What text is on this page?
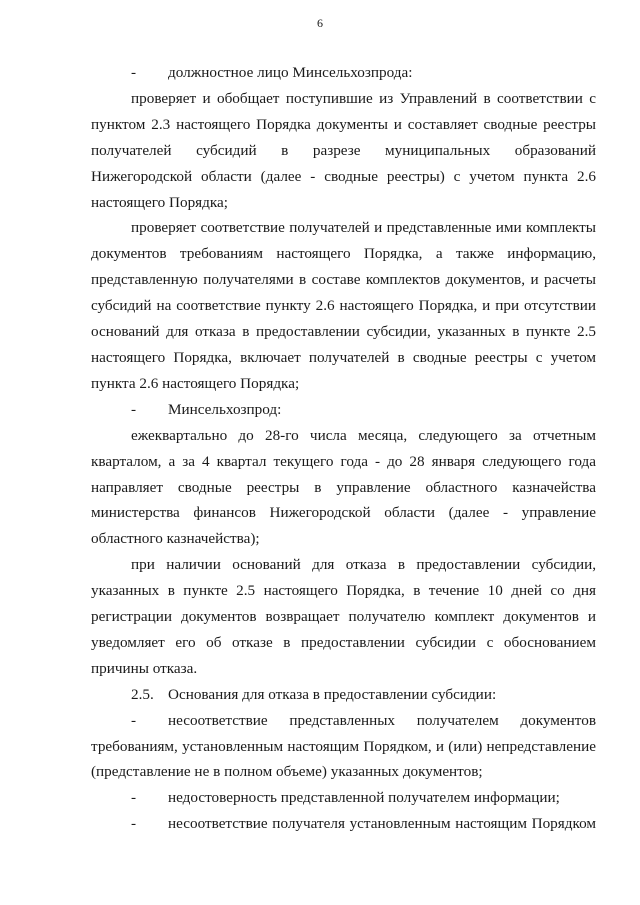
6
- должностное лицо Минсельхозпрода:
проверяет и обобщает поступившие из Управлений в соответствии с
пунктом 2.3 настоящего Порядка документы и составляет сводные реестры
получателей субсидий в разрезе муниципальных образований
Нижегородской области (далее - сводные реестры) с учетом пункта 2.6
настоящего Порядка;
проверяет соответствие получателей и представленные ими комплекты
документов требованиям настоящего Порядка, а также информацию,
представленную получателями в составе комплектов документов, и расчеты
субсидий на соответствие пункту 2.6 настоящего Порядка, и при отсутствии
оснований для отказа в предоставлении субсидии, указанных в пункте 2.5
настоящего Порядка, включает получателей в сводные реестры с учетом
пункта 2.6 настоящего Порядка;
- Минсельхозпрод:
ежеквартально до 28-го числа месяца, следующего за отчетным
кварталом, а за 4 квартал текущего года - до 28 января следующего года
направляет сводные реестры в управление областного казначейства
министерства финансов Нижегородской области (далее - управление
областного казначейства);
при наличии оснований для отказа в предоставлении субсидии,
указанных в пункте 2.5 настоящего Порядка, в течение 10 дней со дня
регистрации документов возвращает получателю комплект документов и
уведомляет его об отказе в предоставлении субсидии с обоснованием
причины отказа.
2.5. Основания для отказа в предоставлении субсидии:
- несоответствие представленных получателем документов
требованиям, установленным настоящим Порядком, и (или) непредставление
(представление не в полном объеме) указанных документов;
- недостоверность представленной получателем информации;
- несоответствие получателя установленным настоящим Порядком
